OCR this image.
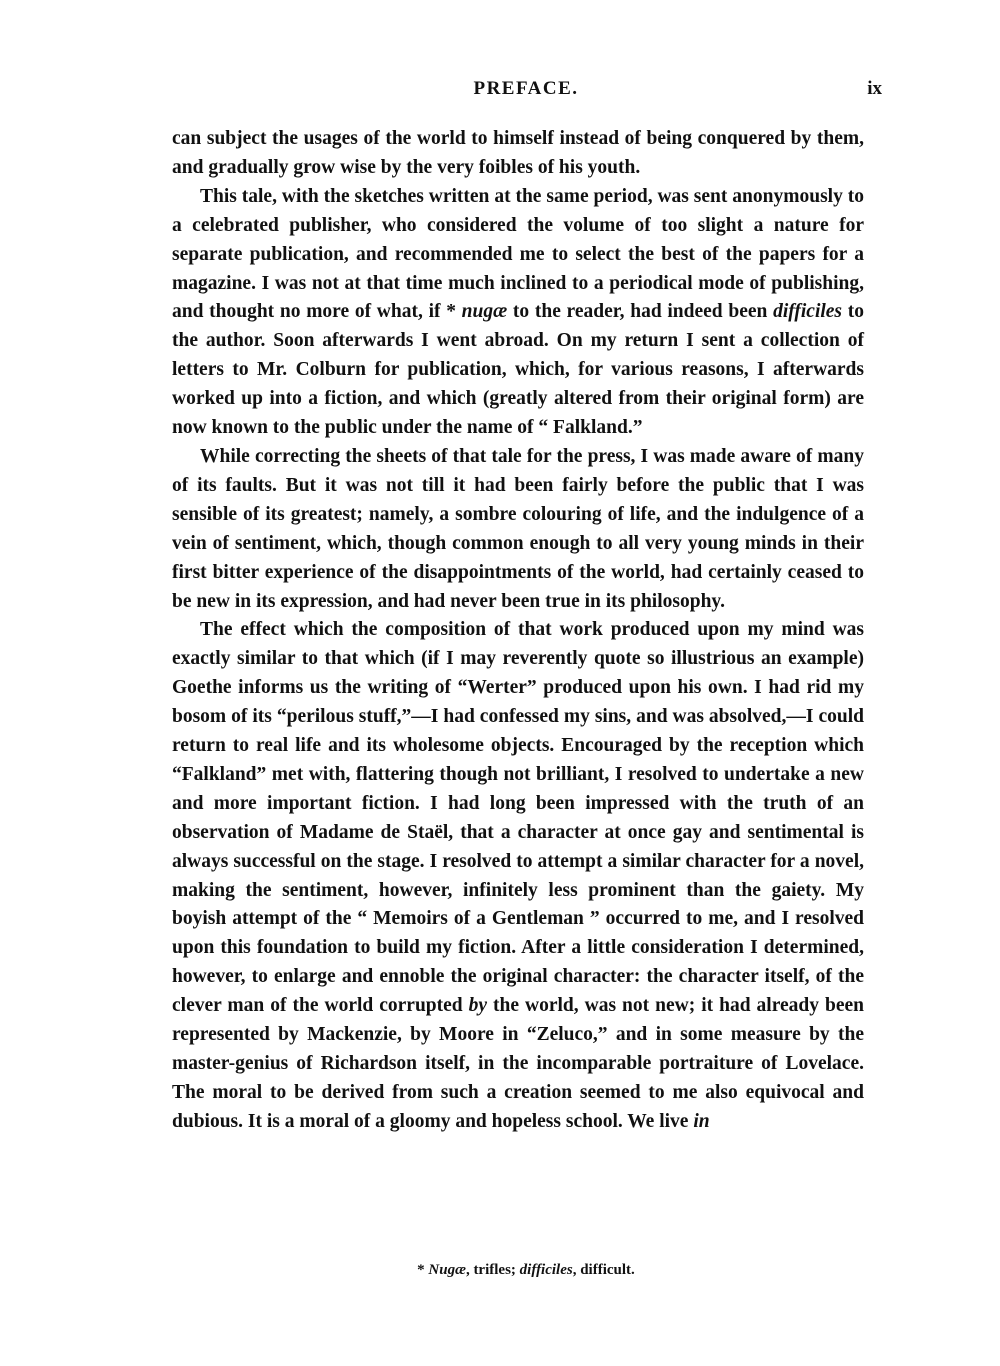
PREFACE.	ix

can subject the usages of the world to himself instead of being conquered by them, and gradually grow wise by the very foibles of his youth.

This tale, with the sketches written at the same period, was sent anonymously to a celebrated publisher, who considered the volume of too slight a nature for separate publication, and recommended me to select the best of the papers for a magazine. I was not at that time much inclined to a periodical mode of publishing, and thought no more of what, if * nugæ to the reader, had indeed been difficiles to the author. Soon afterwards I went abroad. On my return I sent a collection of letters to Mr. Colburn for publication, which, for various reasons, I afterwards worked up into a fiction, and which (greatly altered from their original form) are now known to the public under the name of “ Falkland.”

While correcting the sheets of that tale for the press, I was made aware of many of its faults. But it was not till it had been fairly before the public that I was sensible of its greatest; namely, a sombre colouring of life, and the indulgence of a vein of sentiment, which, though common enough to all very young minds in their first bitter experience of the disappointments of the world, had certainly ceased to be new in its expression, and had never been true in its philosophy.

The effect which the composition of that work produced upon my mind was exactly similar to that which (if I may reverently quote so illustrious an example) Goethe informs us the writing of “Werter” produced upon his own. I had rid my bosom of its “perilous stuff,”—I had confessed my sins, and was absolved,—I could return to real life and its wholesome objects. Encouraged by the reception which “Falkland” met with, flattering though not brilliant, I resolved to undertake a new and more important fiction. I had long been impressed with the truth of an observation of Madame de Staël, that a character at once gay and sentimental is always successful on the stage. I resolved to attempt a similar character for a novel, making the sentiment, however, infinitely less prominent than the gaiety. My boyish attempt of the “ Memoirs of a Gentleman ” occurred to me, and I resolved upon this foundation to build my fiction. After a little consideration I determined, however, to enlarge and ennoble the original character: the character itself, of the clever man of the world corrupted by the world, was not new; it had already been represented by Mackenzie, by Moore in “Zeluco,” and in some measure by the master-genius of Richardson itself, in the incomparable portraiture of Lovelace. The moral to be derived from such a creation seemed to me also equivocal and dubious. It is a moral of a gloomy and hopeless school. We live in

* Nugæ, trifles; difficiles, difficult.
